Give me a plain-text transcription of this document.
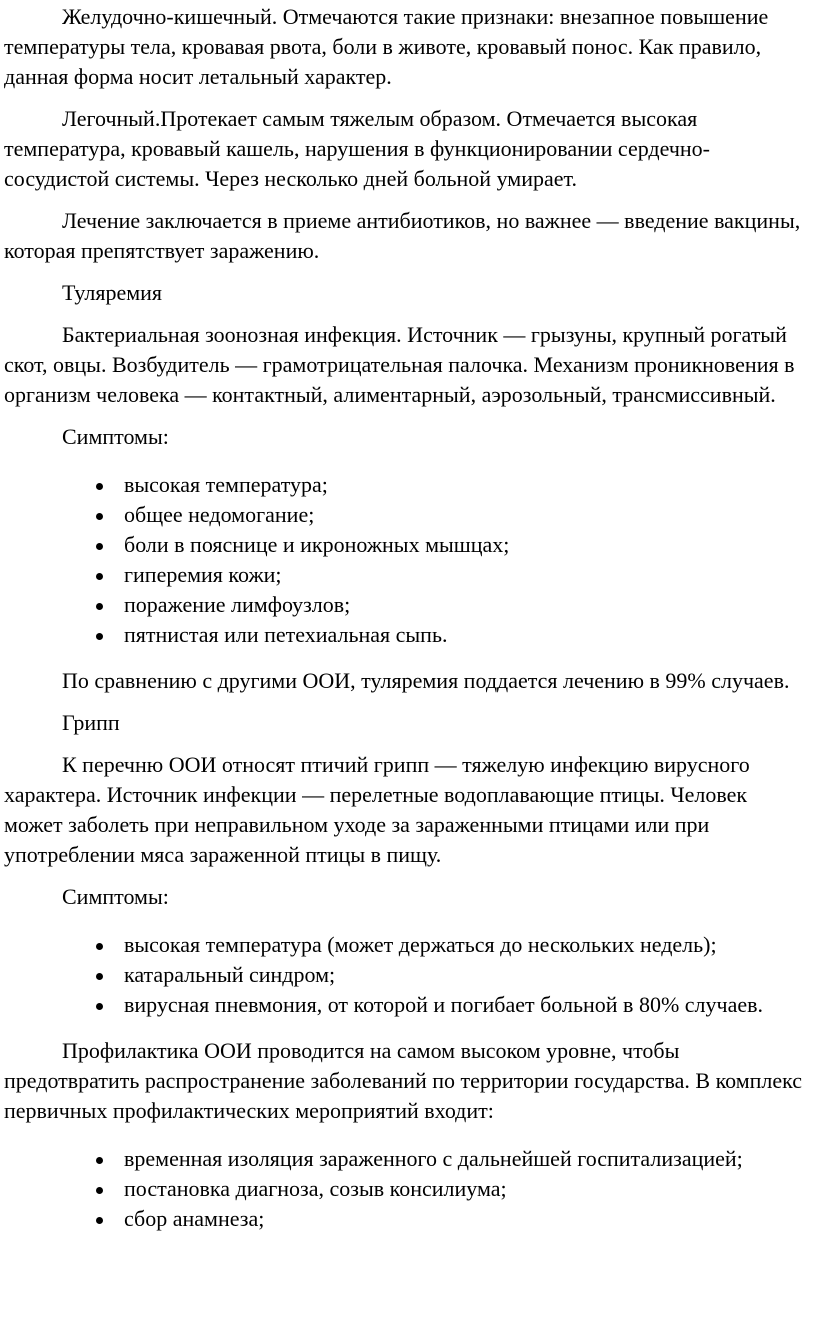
Желудочно-кишечный. Отмечаются такие признаки: внезапное повышение температуры тела, кровавая рвота, боли в животе, кровавый понос. Как правило, данная форма носит летальный характер.

Легочный.Протекает самым тяжелым образом. Отмечается высокая температура, кровавый кашель, нарушения в функционировании сердечно-сосудистой системы. Через несколько дней больной умирает.

Лечение заключается в приеме антибиотиков, но важнее — введение вакцины, которая препятствует заражению.

Туляремия

Бактериальная зоонозная инфекция. Источник — грызуны, крупный рогатый скот, овцы. Возбудитель — грамотрицательная палочка. Механизм проникновения в организм человека — контактный, алиментарный, аэрозольный, трансмиссивный.

Симптомы:

высокая температура;
общее недомогание;
боли в пояснице и икроножных мышцах;
гиперемия кожи;
поражение лимфоузлов;
пятнистая или петехиальная сыпь.

По сравнению с другими ООИ, туляремия поддается лечению в 99% случаев.

Грипп

К перечню ООИ относят птичий грипп — тяжелую инфекцию вирусного характера. Источник инфекции — перелетные водоплавающие птицы. Человек может заболеть при неправильном уходе за зараженными птицами или при употреблении мяса зараженной птицы в пищу.

Симптомы:

высокая температура (может держаться до нескольких недель);
катаральный синдром;
вирусная пневмония, от которой и погибает больной в 80% случаев.

Профилактика ООИ проводится на самом высоком уровне, чтобы предотвратить распространение заболеваний по территории государства. В комплекс первичных профилактических мероприятий входит:

временная изоляция зараженного с дальнейшей госпитализацией;
постановка диагноза, созыв консилиума;
сбор анамнеза;
